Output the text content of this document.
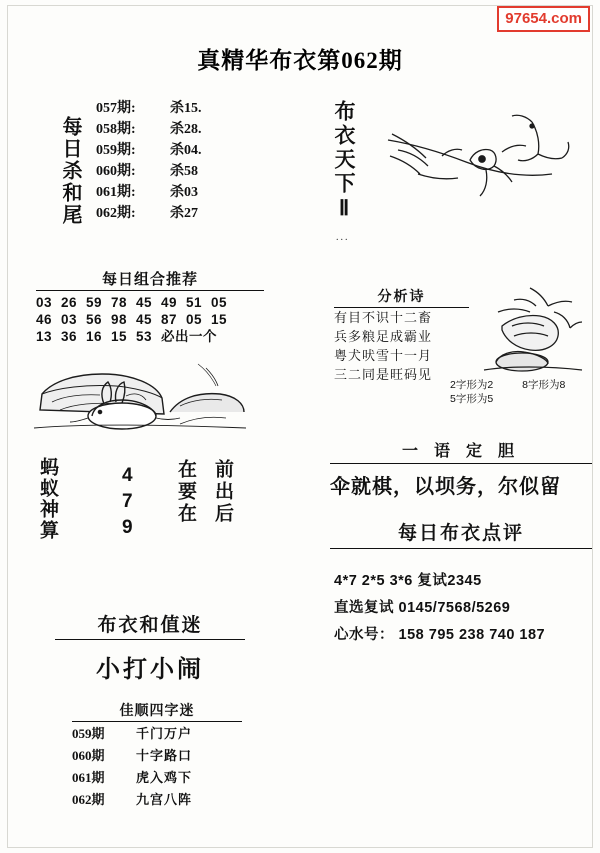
97654.com
真精华布衣第062期
每日杀和尾
057期: 杀15.
058期: 杀28.
059期: 杀04.
060期: 杀58
061期: 杀03
062期: 杀27
每日组合推荐
03 26 59 78 45 49 51 05
46 03 56 98 45 87 05 15
13 36 16 15 53 必出一个
蚂蚁神算	4
7
9
在要在 前出后
布衣和值迷
小打小闹
佳顺四字迷
059期 千门万户
060期 十字路口
061期 虎入鸡下
062期 九宫八阵
布衣天下Ⅱ
...
分析诗
有目不识十二畜
兵多粮足成霸业
粤犬吠雪十一月
三二同是旺码见
2字形为2	8字形为8
5字形为5
一 语 定 胆
伞就棋，以坝务，尔似留
每日布衣点评
4*7 2*5 3*6 复试2345
直选复试 0145/7568/5269
心水号： 158 795 238 740 187
